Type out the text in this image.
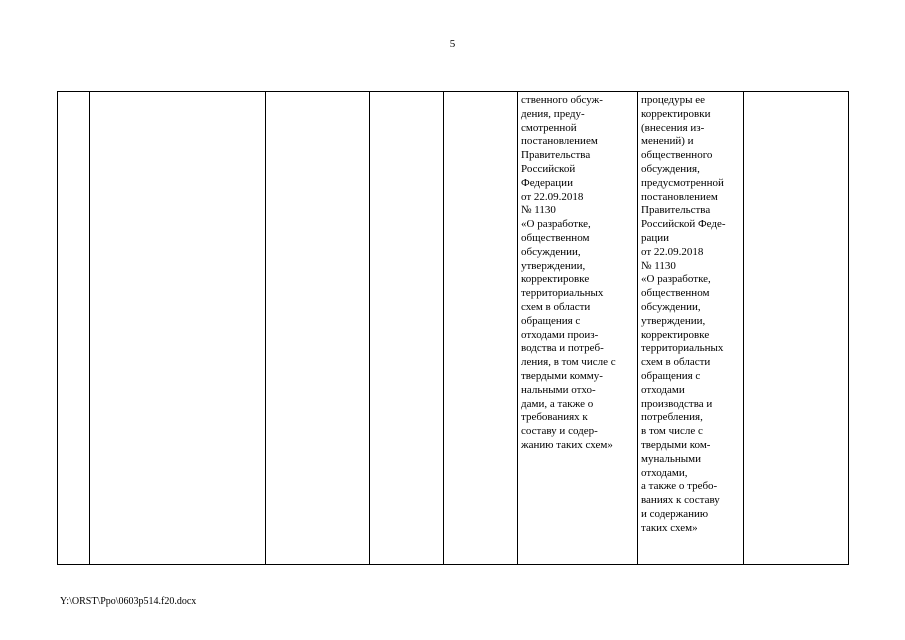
5

ственного обсуж-
дения, преду-
смотренной
постановлением
Правительства
Российской
Федерации
от 22.09.2018
№ 1130
«О разработке,
общественном
обсуждении,
утверждении,
корректировке
территориальных
схем в области
обращения с
отходами произ-
водства и потреб-
ления, в том числе с
твердыми комму-
нальными отхо-
дами, а также о
требованиях к
составу и содер-
жанию таких схем»

процедуры ее
корректировки
(внесения из-
менений) и
общественного
обсуждения,
предусмотренной
постановлением
Правительства
Российской Феде-
рации
от 22.09.2018
№ 1130
«О разработке,
общественном
обсуждении,
утверждении,
корректировке
территориальных
схем в области
обращения с
отходами
производства и
потребления,
в том числе с
твердыми ком-
мунальными
отходами,
а также о требо-
ваниях к составу
и содержанию
таких схем»

Y:\ORST\Ppo\0603p514.f20.docx
